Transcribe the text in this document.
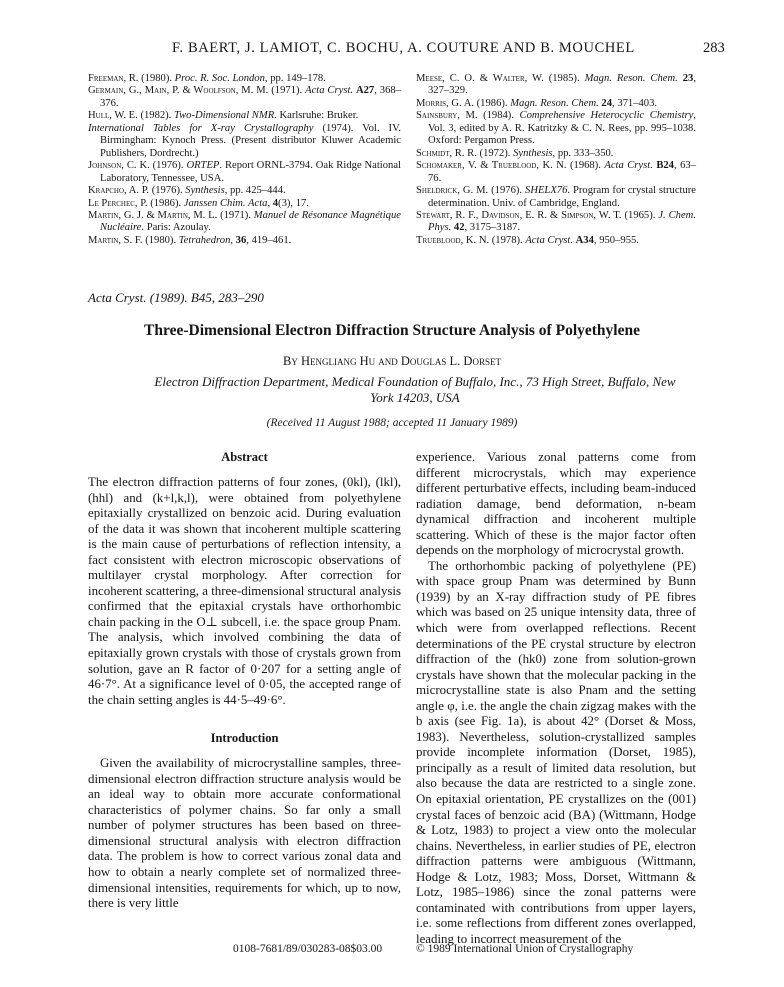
F. BAERT, J. LAMIOT, C. BOCHU, A. COUTURE AND B. MOUCHEL	283
Freeman, R. (1980). Proc. R. Soc. London, pp. 149–178.
Germain, G., Main, P. & Woolfson, M. M. (1971). Acta Cryst. A27, 368–376.
Hull, W. E. (1982). Two-Dimensional NMR. Karlsruhe: Bruker.
International Tables for X-ray Crystallography (1974). Vol. IV. Birmingham: Kynoch Press. (Present distributor Kluwer Academic Publishers, Dordrecht.)
Johnson, C. K. (1976). ORTEP. Report ORNL-3794. Oak Ridge National Laboratory, Tennessee, USA.
Krapcho, A. P. (1976). Synthesis, pp. 425–444.
Le Perchec, P. (1986). Janssen Chim. Acta, 4(3), 17.
Martin, G. J. & Martin, M. L. (1971). Manuel de Résonance Magnétique Nucléaire. Paris: Azoulay.
Martin, S. F. (1980). Tetrahedron, 36, 419–461.
Meese, C. O. & Walter, W. (1985). Magn. Reson. Chem. 23, 327–329.
Morris, G. A. (1986). Magn. Reson. Chem. 24, 371–403.
Sainsbury, M. (1984). Comprehensive Heterocyclic Chemistry, Vol. 3, edited by A. R. Katritzky & C. N. Rees, pp. 995–1038. Oxford: Pergamon Press.
Schmidt, R. R. (1972). Synthesis, pp. 333–350.
Schomaker, V. & Trueblood, K. N. (1968). Acta Cryst. B24, 63–76.
Sheldrick, G. M. (1976). SHELX76. Program for crystal structure determination. Univ. of Cambridge, England.
Stewart, R. F., Davidson, E. R. & Simpson, W. T. (1965). J. Chem. Phys. 42, 3175–3187.
Trueblood, K. N. (1978). Acta Cryst. A34, 950–955.
Acta Cryst. (1989). B45, 283–290
Three-Dimensional Electron Diffraction Structure Analysis of Polyethylene
By Hengliang Hu and Douglas L. Dorset
Electron Diffraction Department, Medical Foundation of Buffalo, Inc., 73 High Street, Buffalo, New York 14203, USA
(Received 11 August 1988; accepted 11 January 1989)
Abstract

The electron diffraction patterns of four zones, (0kl), (lkl), (hhl) and (k+l,k,l), were obtained from polyethylene epitaxially crystallized on benzoic acid. During evaluation of the data it was shown that incoherent multiple scattering is the main cause of perturbations of reflection intensity, a fact consistent with electron microscopic observations of multilayer crystal morphology. After correction for incoherent scattering, a three-dimensional structural analysis confirmed that the epitaxial crystals have orthorhombic chain packing in the O⊥ subcell, i.e. the space group Pnam. The analysis, which involved combining the data of epitaxially grown crystals with those of crystals grown from solution, gave an R factor of 0·207 for a setting angle of 46·7°. At a significance level of 0·05, the accepted range of the chain setting angles is 44·5–49·6°.

Introduction

Given the availability of microcrystalline samples, three-dimensional electron diffraction structure analysis would be an ideal way to obtain more accurate conformational characteristics of polymer chains. So far only a small number of polymer structures has been based on three-dimensional structural analysis with electron diffraction data. The problem is how to correct various zonal data and how to obtain a nearly complete set of normalized three-dimensional intensities, requirements for which, up to now, there is very little

experience. Various zonal patterns come from different microcrystals, which may experience different perturbative effects, including beam-induced radiation damage, bend deformation, n-beam dynamical diffraction and incoherent multiple scattering. Which of these is the major factor often depends on the morphology of microcrystal growth.

The orthorhombic packing of polyethylene (PE) with space group Pnam was determined by Bunn (1939) by an X-ray diffraction study of PE fibres which was based on 25 unique intensity data, three of which were from overlapped reflections. Recent determinations of the PE crystal structure by electron diffraction of the (hk0) zone from solution-grown crystals have shown that the molecular packing in the microcrystalline state is also Pnam and the setting angle φ, i.e. the angle the chain zigzag makes with the b axis (see Fig. 1a), is about 42° (Dorset & Moss, 1983). Nevertheless, solution-crystallized samples provide incomplete information (Dorset, 1985), principally as a result of limited data resolution, but also because the data are restricted to a single zone. On epitaxial orientation, PE crystallizes on the (001) crystal faces of benzoic acid (BA) (Wittmann, Hodge & Lotz, 1983) to project a view onto the molecular chains. Nevertheless, in earlier studies of PE, electron diffraction patterns were ambiguous (Wittmann, Hodge & Lotz, 1983; Moss, Dorset, Wittmann & Lotz, 1985–1986) since the zonal patterns were contaminated with contributions from upper layers, i.e. some reflections from different zones overlapped, leading to incorrect measurement of the

0108-7681/89/030283-08$03.00	© 1989 International Union of Crystallography
